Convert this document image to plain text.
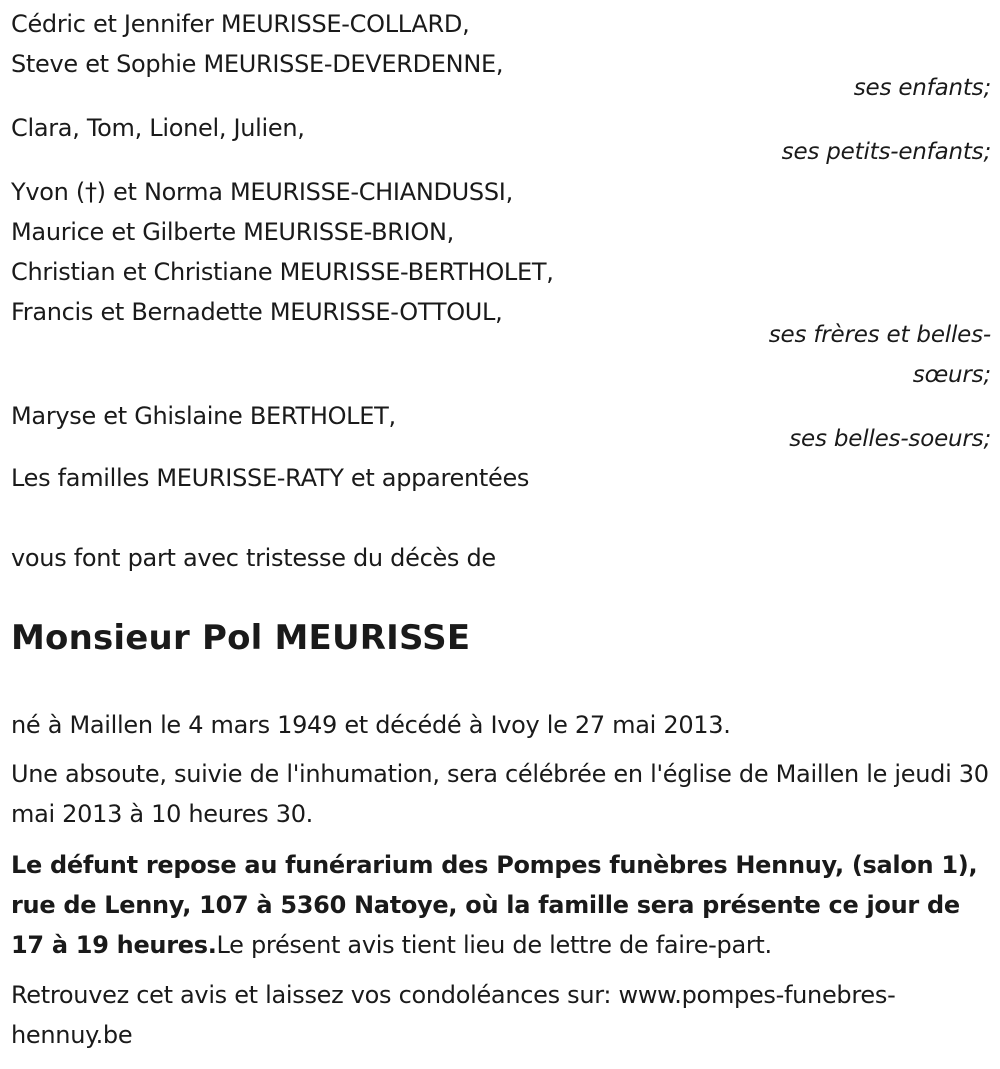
Cédric et Jennifer MEURISSE-COLLARD,
Steve et Sophie MEURISSE-DEVERDENNE,
ses enfants;
Clara, Tom, Lionel, Julien,
ses petits-enfants;
Yvon (†) et Norma MEURISSE-CHIANDUSSI,
Maurice et Gilberte MEURISSE-BRION,
Christian et Christiane MEURISSE-BERTHOLET,
Francis et Bernadette MEURISSE-OTTOUL,
ses frères et belles-
sœurs;
Maryse et Ghislaine BERTHOLET,
ses belles-soeurs;
Les familles MEURISSE-RATY et apparentées
vous font part avec tristesse du décès de
Monsieur Pol MEURISSE
né à Maillen le 4 mars 1949 et décédé à Ivoy le 27 mai 2013.
Une absoute, suivie de l'inhumation, sera célébrée en l'église de Maillen le jeudi 30 mai 2013 à 10 heures 30.
Le défunt repose au funérarium des Pompes funèbres Hennuy, (salon 1), rue de Lenny, 107 à 5360 Natoye, où la famille sera présente ce jour de 17 à 19 heures.Le présent avis tient lieu de lettre de faire-part.
Retrouvez cet avis et laissez vos condoléances sur: www.pompes-funebres-hennuy.be
